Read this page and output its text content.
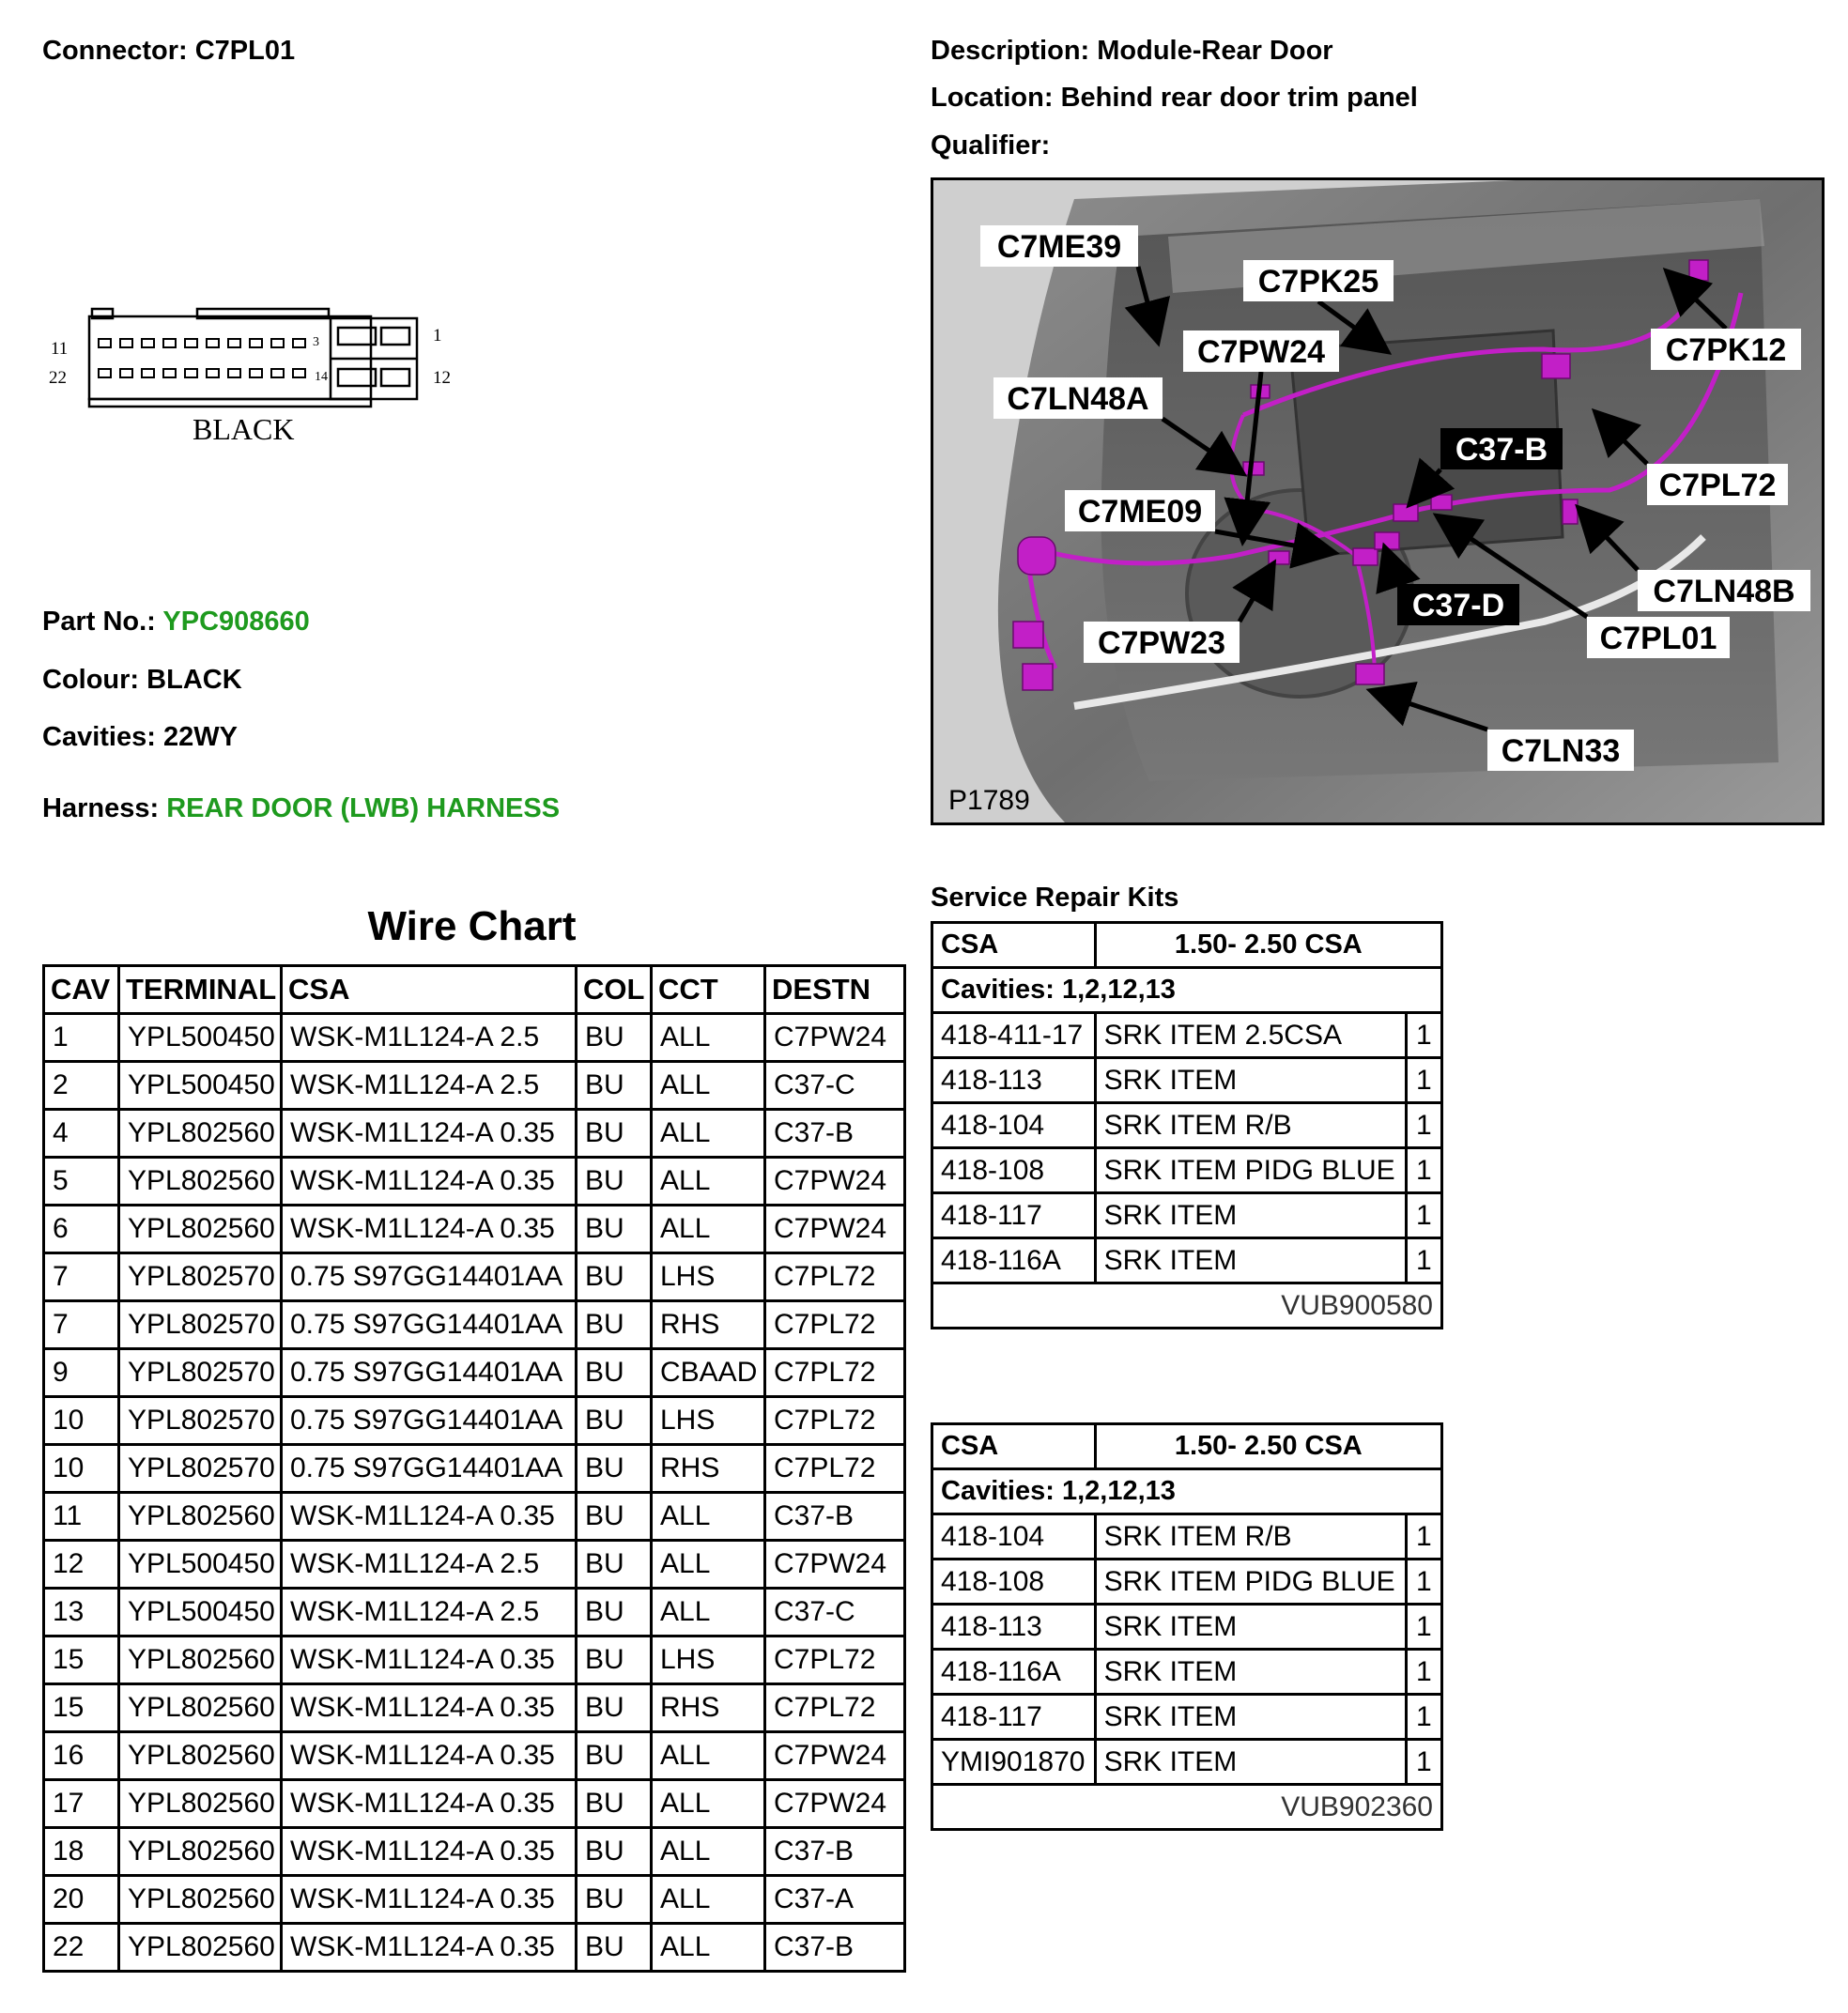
Connector: C7PL01	Description: Module-Rear Door
Location: Behind rear door trim panel
Qualifier:
11
22
1
12
3
14
BLACK
Part No.: YPC908660
Colour: BLACK
Cavities: 22WY
Harness: REAR DOOR (LWB) HARNESS
C7ME39
C7PK25
C7PK12
C7PW24
C7LN48A
C37-B
C7PL72
C7ME09
C7LN48B
C37-D
C7PW23	C7PL01
C7LN33
P1789
Wire Chart
CAV	TERMINAL	CSA	COL	CCT	DESTN
1	YPL500450	WSK-M1L124-A 2.5	BU	ALL	C7PW24
2	YPL500450	WSK-M1L124-A 2.5	BU	ALL	C37-C
4	YPL802560	WSK-M1L124-A 0.35	BU	ALL	C37-B
5	YPL802560	WSK-M1L124-A 0.35	BU	ALL	C7PW24
6	YPL802560	WSK-M1L124-A 0.35	BU	ALL	C7PW24
7	YPL802570	0.75 S97GG14401AA	BU	LHS	C7PL72
7	YPL802570	0.75 S97GG14401AA	BU	RHS	C7PL72
9	YPL802570	0.75 S97GG14401AA	BU	CBAAD	C7PL72
10	YPL802570	0.75 S97GG14401AA	BU	LHS	C7PL72
10	YPL802570	0.75 S97GG14401AA	BU	RHS	C7PL72
11	YPL802560	WSK-M1L124-A 0.35	BU	ALL	C37-B
12	YPL500450	WSK-M1L124-A 2.5	BU	ALL	C7PW24
13	YPL500450	WSK-M1L124-A 2.5	BU	ALL	C37-C
15	YPL802560	WSK-M1L124-A 0.35	BU	LHS	C7PL72
15	YPL802560	WSK-M1L124-A 0.35	BU	RHS	C7PL72
16	YPL802560	WSK-M1L124-A 0.35	BU	ALL	C7PW24
17	YPL802560	WSK-M1L124-A 0.35	BU	ALL	C7PW24
18	YPL802560	WSK-M1L124-A 0.35	BU	ALL	C37-B
20	YPL802560	WSK-M1L124-A 0.35	BU	ALL	C37-A
22	YPL802560	WSK-M1L124-A 0.35	BU	ALL	C37-B
Service Repair Kits
CSA	1.50- 2.50 CSA	
Cavities: 1,2,12,13		
418-411-17	SRK ITEM 2.5CSA	1
418-113	SRK ITEM	1
418-104	SRK ITEM R/B	1
418-108	SRK ITEM PIDG BLUE	1
418-117	SRK ITEM	1
418-116A	SRK ITEM	1
VUB900580		
CSA	1.50- 2.50 CSA	
Cavities: 1,2,12,13		
418-104	SRK ITEM R/B	1
418-108	SRK ITEM PIDG BLUE	1
418-113	SRK ITEM	1
418-116A	SRK ITEM	1
418-117	SRK ITEM	1
YMI901870	SRK ITEM	1
VUB902360		
